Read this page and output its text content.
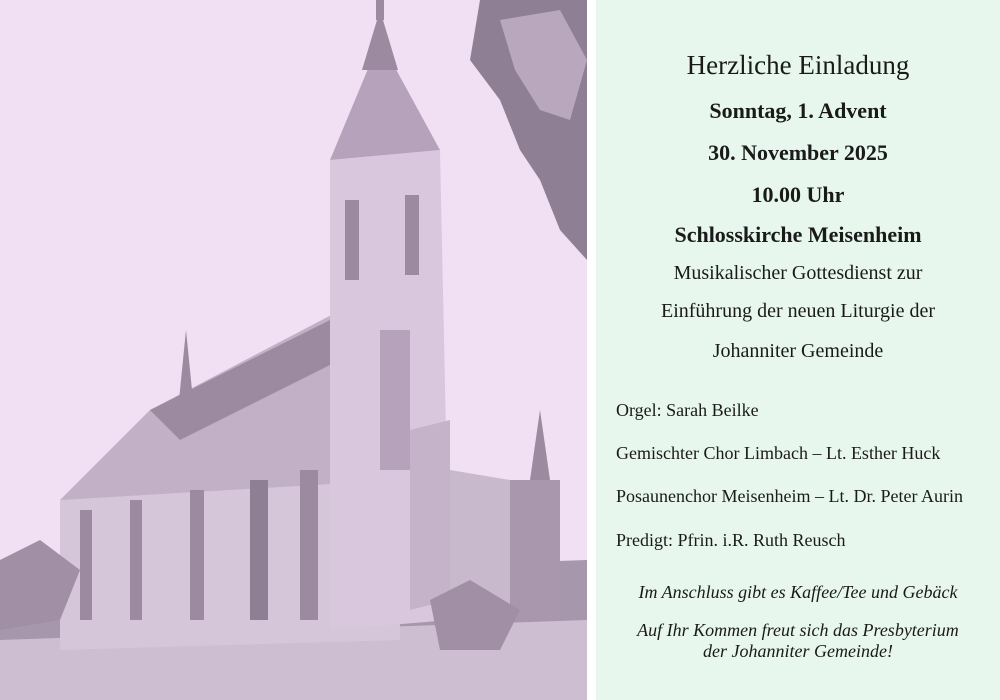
Herzliche Einladung
Sonntag, 1. Advent
30. November 2025
10.00 Uhr
Schlosskirche Meisenheim
Musikalischer Gottesdienst zur
Einführung der neuen Liturgie der
Johanniter Gemeinde
Orgel: Sarah Beilke
Gemischter Chor Limbach – Lt. Esther Huck
Posaunenchor Meisenheim – Lt. Dr. Peter Aurin
Predigt: Pfrin. i.R. Ruth Reusch
Im Anschluss gibt es Kaffee/Tee und Gebäck
Auf Ihr Kommen freut sich das Presbyterium
der Johanniter Gemeinde!
